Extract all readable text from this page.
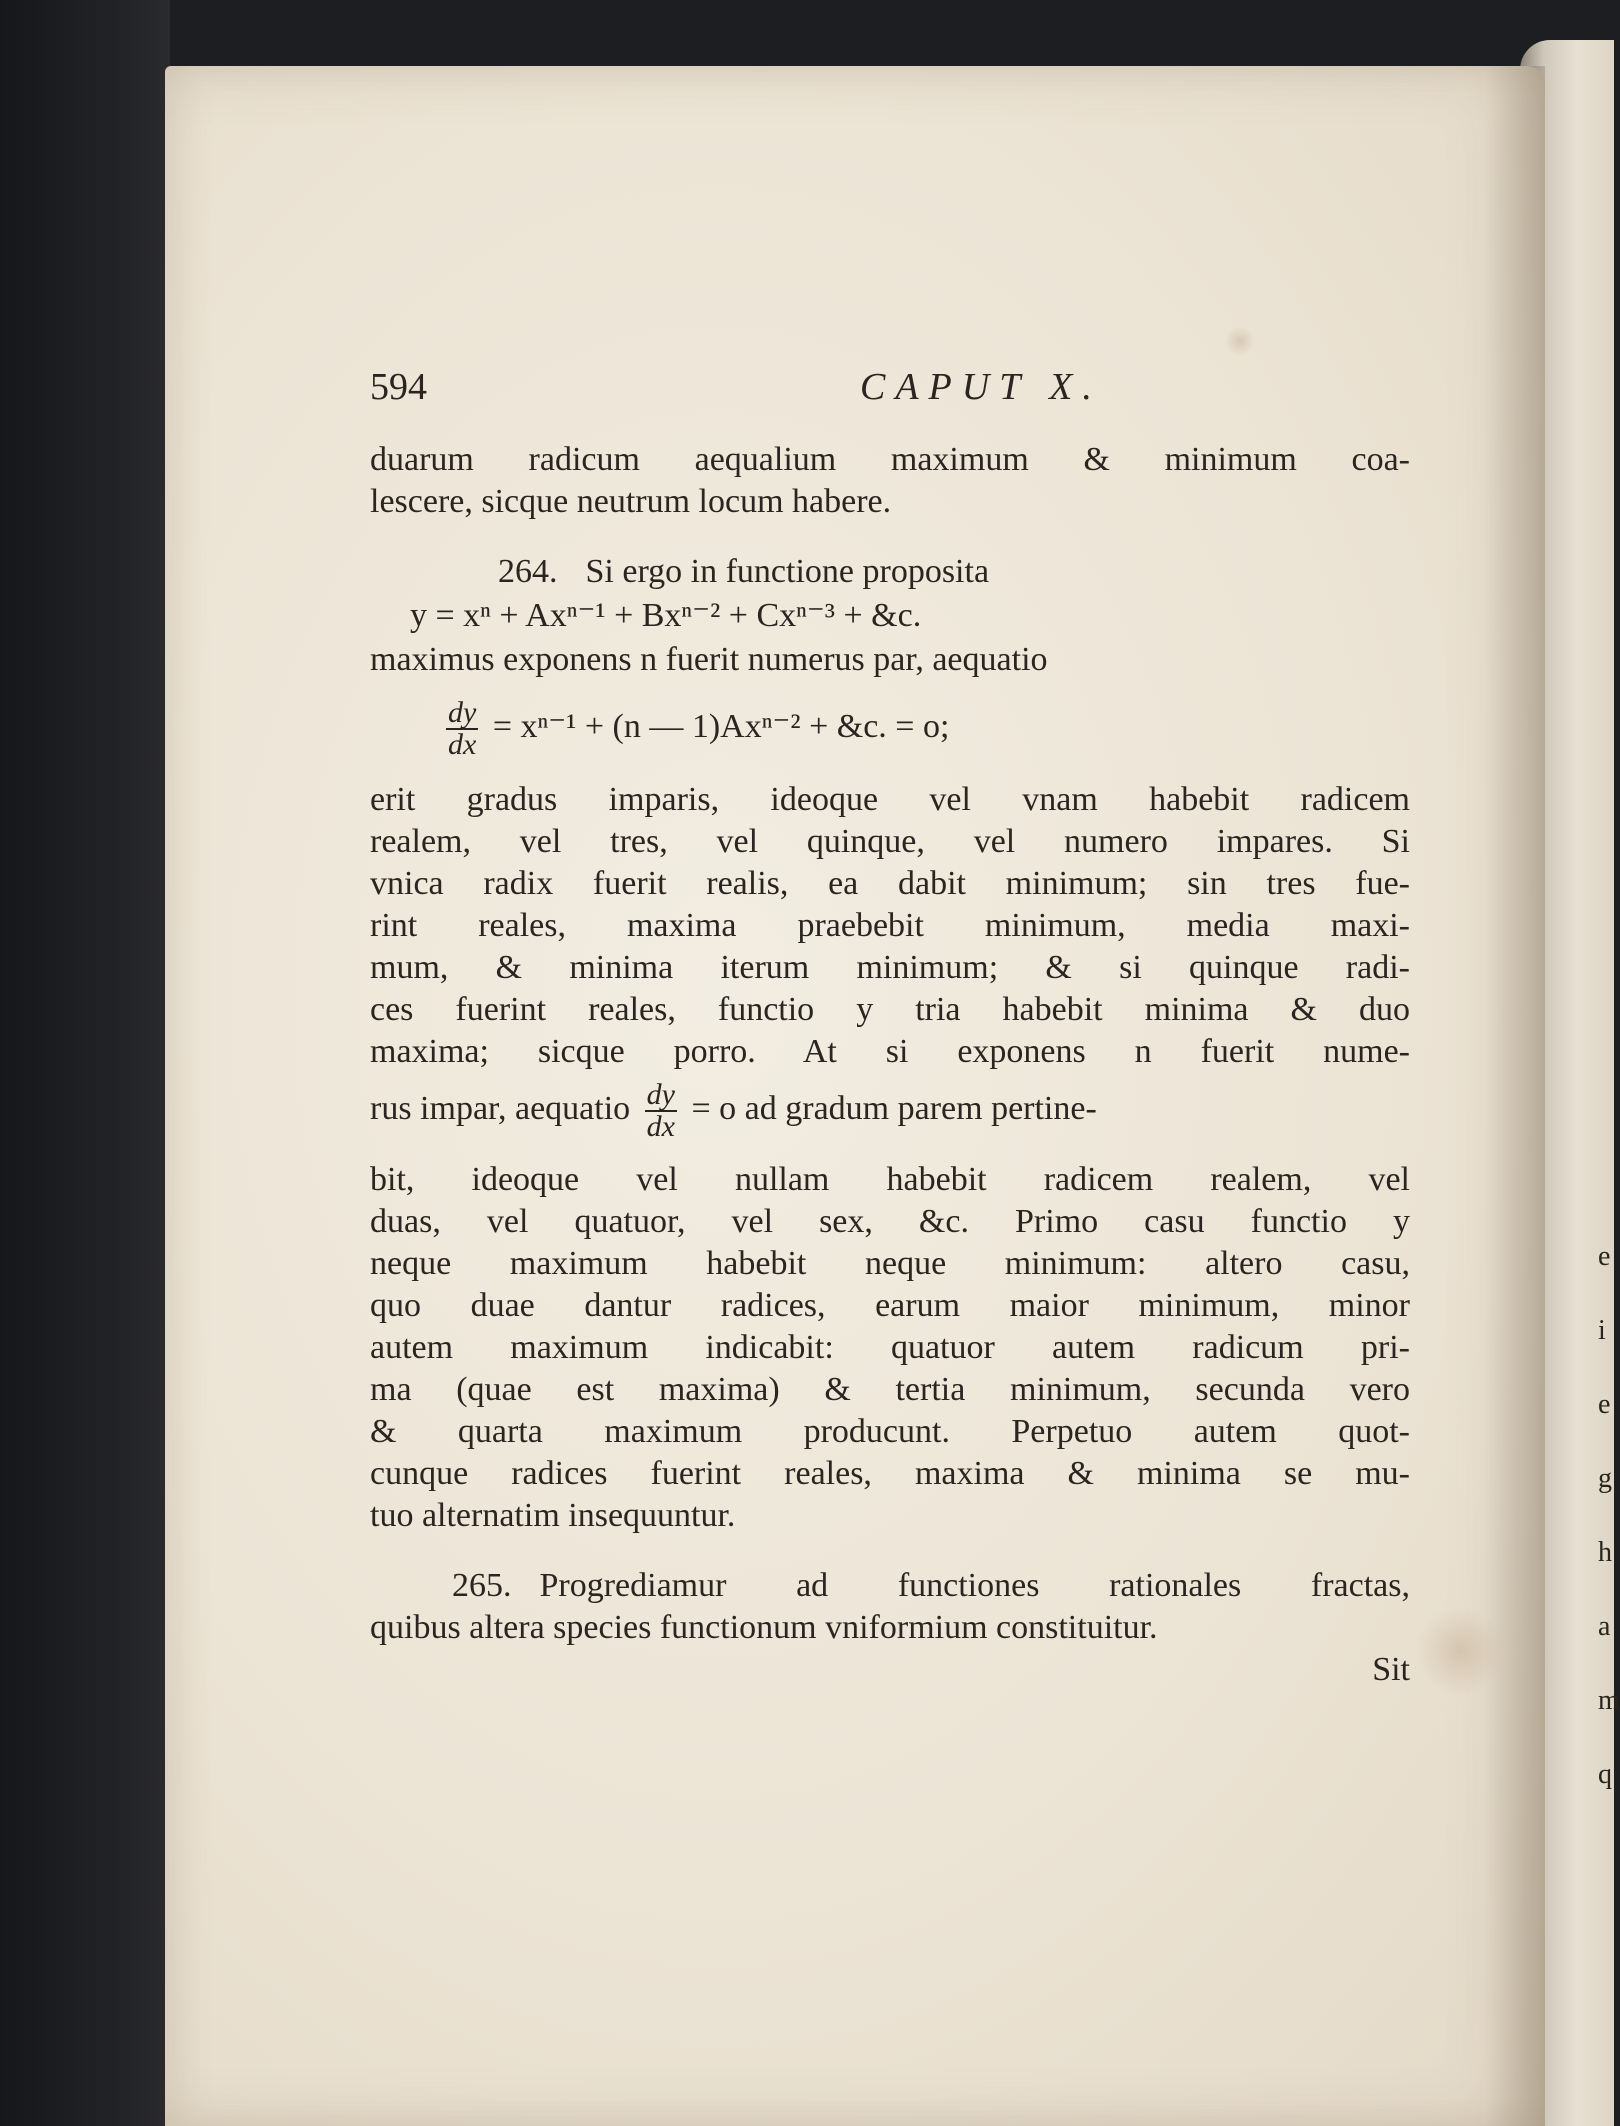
e
i
e
g
h
a
m
q
594	CAPUT X.
duarum radicum aequalium maximum & minimum coa-
lescere, sicque neutrum locum habere.
264. Si ergo in functione proposita
y = xⁿ + Axⁿ⁻¹ + Bxⁿ⁻² + Cxⁿ⁻³ + &c.
maximus exponens n fuerit numerus par, aequatio
$\frac{dy}{dx} = x^{n-1} + (n$ — 1)Axⁿ⁻² + &c. = o;
erit gradus imparis, ideoque vel vnam habebit radicem
realem, vel tres, vel quinque, vel numero impares. Si
vnica radix fuerit realis, ea dabit minimum; sin tres fue-
rint reales, maxima praebebit minimum, media maxi-
mum, & minima iterum minimum; & si quinque radi-
ces fuerint reales, functio y tria habebit minima & duo
maxima; sicque porro. At si exponens n fuerit nume-
rus impar, aequatio $\frac{dy}{dx} = o$ ad gradum parem pertine-
bit, ideoque vel nullam habebit radicem realem, vel
duas, vel quatuor, vel sex, &c. Primo casu functio y
neque maximum habebit neque minimum: altero casu,
quo duae dantur radices, earum maior minimum, minor
autem maximum indicabit: quatuor autem radicum pri-
ma (quae est maxima) & tertia minimum, secunda vero
& quarta maximum producunt. Perpetuo autem quot-
cunque radices fuerint reales, maxima & minima se mu-
tuo alternatim insequuntur.
265. Progrediamur ad functiones rationales fractas,
quibus altera species functionum vniformium constituitur.
Sit
